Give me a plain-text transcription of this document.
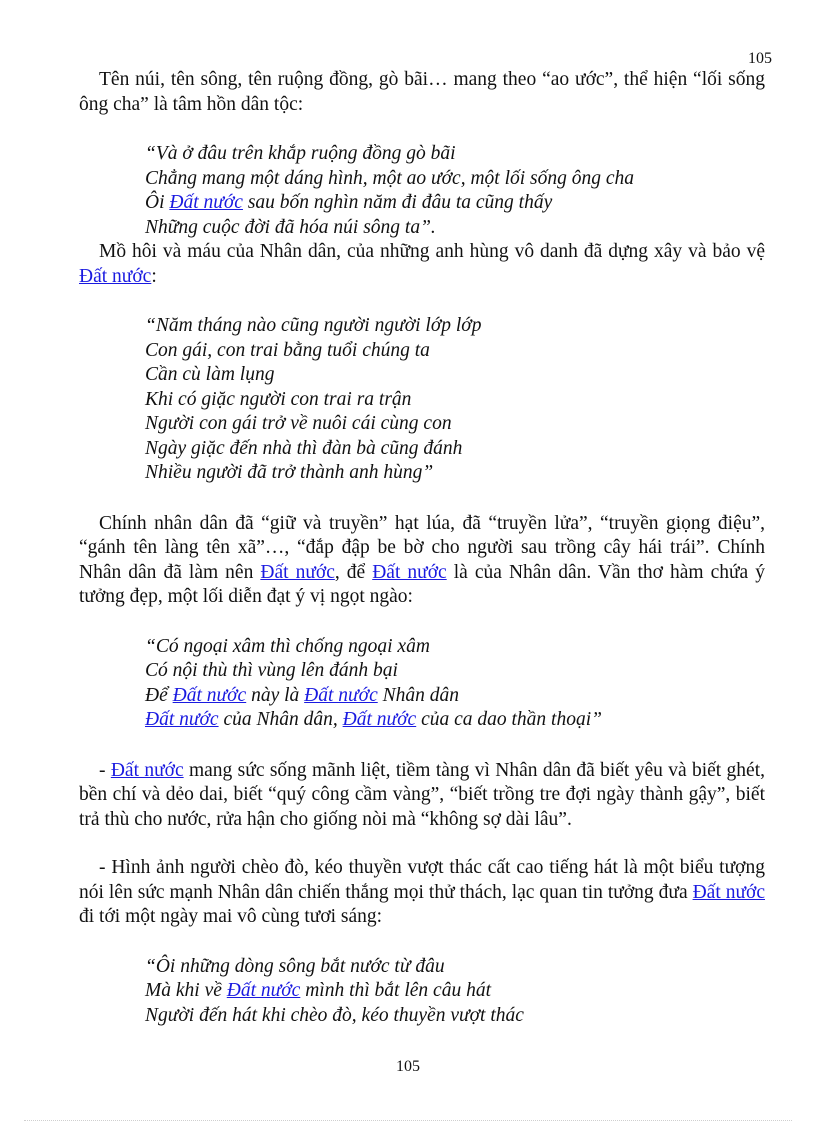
105

Tên núi, tên sông, tên ruộng đồng, gò bãi… mang theo “ao ước”, thể hiện “lối sống ông cha” là tâm hồn dân tộc:

“Và ở đâu trên khắp ruộng đồng gò bãi
Chẳng mang một dáng hình, một ao ước, một lối sống ông cha
Ôi Đất nước sau bốn nghìn năm đi đâu ta cũng thấy
Những cuộc đời đã hóa núi sông ta”.

Mồ hôi và máu của Nhân dân, của những anh hùng vô danh đã dựng xây và bảo vệ Đất nước:

“Năm tháng nào cũng người người lớp lớp
Con gái, con trai bằng tuổi chúng ta
Cần cù làm lụng
Khi có giặc người con trai ra trận
Người con gái trở về nuôi cái cùng con
Ngày giặc đến nhà thì đàn bà cũng đánh
Nhiều người đã trở thành anh hùng”

Chính nhân dân đã “giữ và truyền” hạt lúa, đã “truyền lửa”, “truyền giọng điệu”, “gánh tên làng tên xã”…, “đắp đập be bờ cho người sau trồng cây hái trái”. Chính Nhân dân đã làm nên Đất nước, để Đất nước là của Nhân dân. Vần thơ hàm chứa ý tưởng đẹp, một lối diễn đạt ý vị ngọt ngào:

“Có ngoại xâm thì chống ngoại xâm
Có nội thù thì vùng lên đánh bại
Để Đất nước này là Đất nước Nhân dân
Đất nước của Nhân dân, Đất nước của ca dao thần thoại”

- Đất nước mang sức sống mãnh liệt, tiềm tàng vì Nhân dân đã biết yêu và biết ghét, bền chí và dẻo dai, biết “quý công cầm vàng”, “biết trồng tre đợi ngày thành gậy”, biết trả thù cho nước, rửa hận cho giống nòi mà “không sợ dài lâu”.

- Hình ảnh người chèo đò, kéo thuyền vượt thác cất cao tiếng hát là một biểu tượng nói lên sức mạnh Nhân dân chiến thắng mọi thử thách, lạc quan tin tưởng đưa Đất nước đi tới một ngày mai vô cùng tươi sáng:

“Ôi những dòng sông bắt nước từ đâu
Mà khi về Đất nước mình thì bắt lên câu hát
Người đến hát khi chèo đò, kéo thuyền vượt thác
105
